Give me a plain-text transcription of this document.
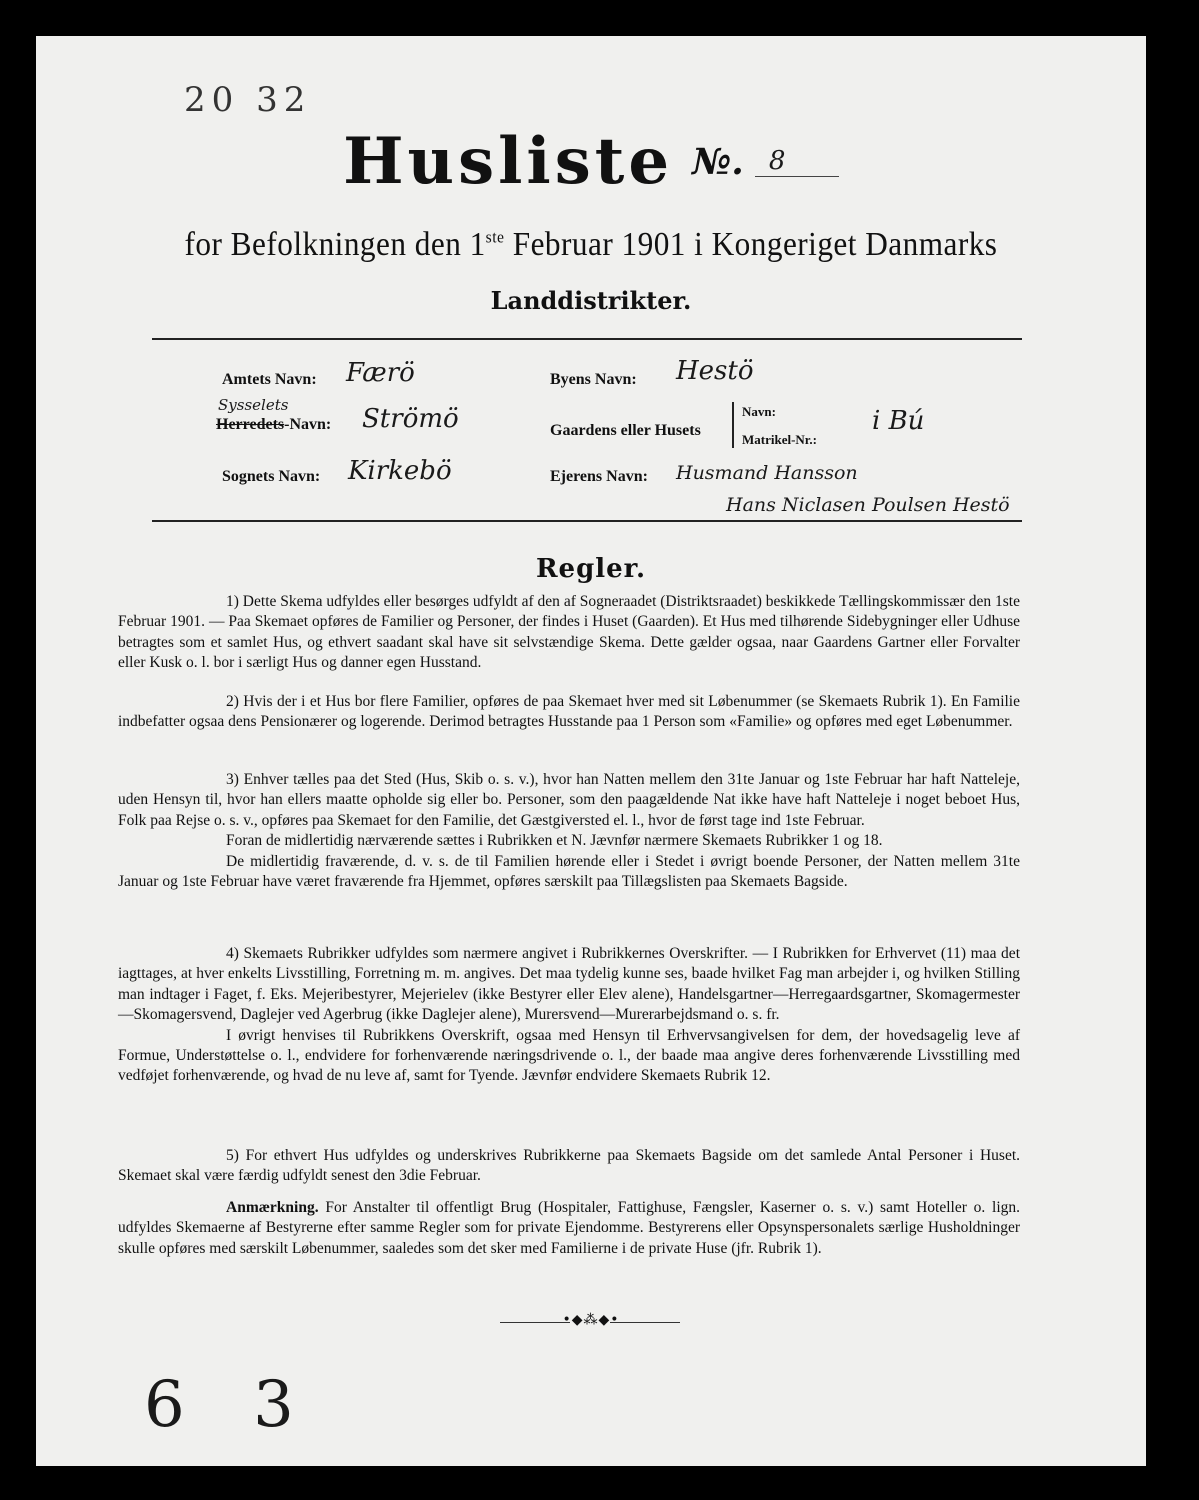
20 32
Husliste №. 8
for Befolkningen den 1ste Februar 1901 i Kongeriget Danmarks
Landdistrikter.
Amtets Navn: Færö
Sysselets
Herredets-Navn: Strömö
Sognets Navn: Kirkebö
Byens Navn: Hestö
Gaardens eller Husets
Navn:
Matrikel-Nr.:
i Bú
Ejerens Navn: Husmand Hansson
Hans Niclasen Poulsen Hestö
Regler.

1) Dette Skema udfyldes eller besørges udfyldt af den af Sogneraadet (Distriktsraadet) beskikkede Tællingskommissær den 1ste Februar 1901. — Paa Skemaet opføres de Familier og Personer, der findes i Huset (Gaarden). Et Hus med tilhørende Sidebygninger eller Udhuse betragtes som et samlet Hus, og ethvert saadant skal have sit selvstændige Skema. Dette gælder ogsaa, naar Gaardens Gartner eller Forvalter eller Kusk o. l. bor i særligt Hus og danner egen Husstand.

2) Hvis der i et Hus bor flere Familier, opføres de paa Skemaet hver med sit Løbenummer (se Skemaets Rubrik 1). En Familie indbefatter ogsaa dens Pensionærer og logerende. Derimod betragtes Husstande paa 1 Person som «Familie» og opføres med eget Løbenummer.

3) Enhver tælles paa det Sted (Hus, Skib o. s. v.), hvor han Natten mellem den 31te Januar og 1ste Februar har haft Natteleje, uden Hensyn til, hvor han ellers maatte opholde sig eller bo. Personer, som den paagældende Nat ikke have haft Natteleje i noget beboet Hus, Folk paa Rejse o. s. v., opføres paa Skemaet for den Familie, det Gæstgiversted el. l., hvor de først tage ind 1ste Februar.

Foran de midlertidig nærværende sættes i Rubrikken et N. Jævnfør nærmere Skemaets Rubrikker 1 og 18.

De midlertidig fraværende, d. v. s. de til Familien hørende eller i Stedet i øvrigt boende Personer, der Natten mellem 31te Januar og 1ste Februar have været fraværende fra Hjemmet, opføres særskilt paa Tillægslisten paa Skemaets Bagside.

4) Skemaets Rubrikker udfyldes som nærmere angivet i Rubrikkernes Overskrifter. — I Rubrikken for Erhvervet (11) maa det iagttages, at hver enkelts Livsstilling, Forretning m. m. angives. Det maa tydelig kunne ses, baade hvilket Fag man arbejder i, og hvilken Stilling man indtager i Faget, f. Eks. Mejeribestyrer, Mejerielev (ikke Bestyrer eller Elev alene), Handelsgartner—Herregaardsgartner, Skomagermester—Skomagersvend, Daglejer ved Agerbrug (ikke Daglejer alene), Murersvend—Murerarbejdsmand o. s. fr.

I øvrigt henvises til Rubrikkens Overskrift, ogsaa med Hensyn til Erhvervsangivelsen for dem, der hovedsagelig leve af Formue, Understøttelse o. l., endvidere for forhenværende næringsdrivende o. l., der baade maa angive deres forhenværende Livsstilling med vedføjet forhenværende, og hvad de nu leve af, samt for Tyende. Jævnfør endvidere Skemaets Rubrik 12.

5) For ethvert Hus udfyldes og underskrives Rubrikkerne paa Skemaets Bagside om det samlede Antal Personer i Huset. Skemaet skal være færdig udfyldt senest den 3die Februar.

Anmærkning. For Anstalter til offentligt Brug (Hospitaler, Fattighuse, Fængsler, Kaserner o. s. v.) samt Hoteller o. lign. udfyldes Skemaerne af Bestyrerne efter samme Regler som for private Ejendomme. Bestyrerens eller Opsynspersonalets særlige Husholdninger skulle opføres med særskilt Løbenummer, saaledes som det sker med Familierne i de private Huse (jfr. Rubrik 1).

•◆⁂◆•
6 3
